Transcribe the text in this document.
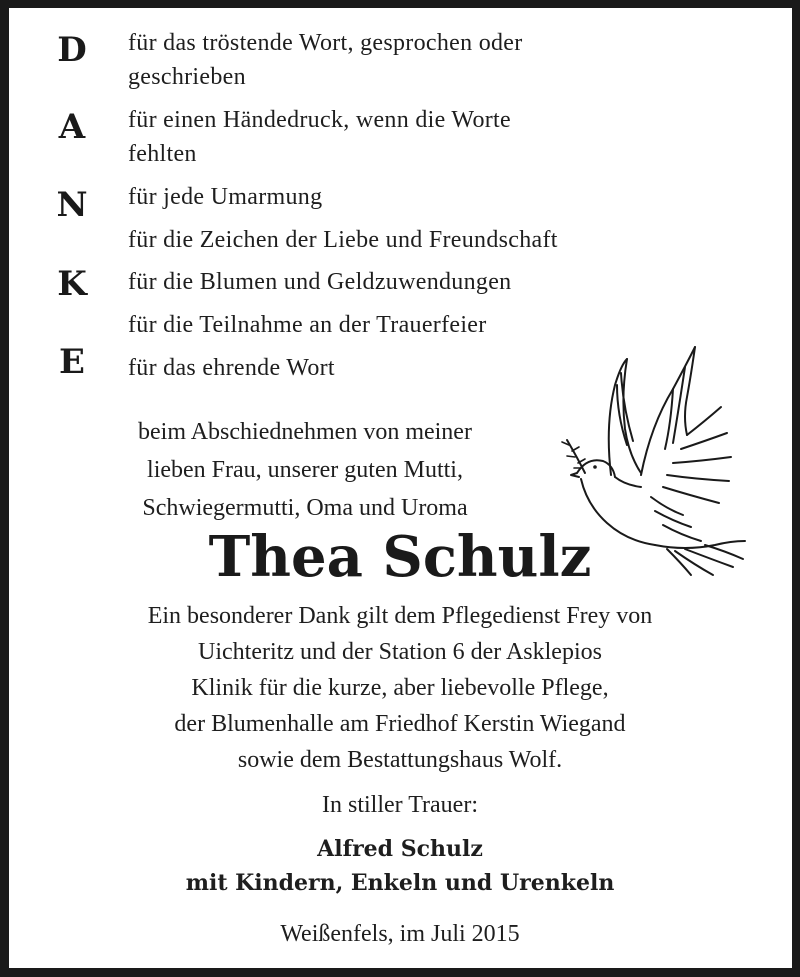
D
A
N
K
E
für das tröstende Wort, gesprochen oder
geschrieben
für einen Händedruck, wenn die Worte
fehlten
für jede Umarmung
für die Zeichen der Liebe und Freundschaft
für die Blumen und Geldzuwendungen
für die Teilnahme an der Trauerfeier
für das ehrende Wort
beim Abschiednehmen von meiner
lieben Frau, unserer guten Mutti,
Schwiegermutti, Oma und Uroma
Thea Schulz
Ein besonderer Dank gilt dem Pflegedienst Frey von
Uichteritz und der Station 6 der Asklepios
Klinik für die kurze, aber liebevolle Pflege,
der Blumenhalle am Friedhof Kerstin Wiegand
sowie dem Bestattungshaus Wolf.
In stiller Trauer:
Alfred Schulz
mit Kindern, Enkeln und Urenkeln
Weißenfels, im Juli 2015
